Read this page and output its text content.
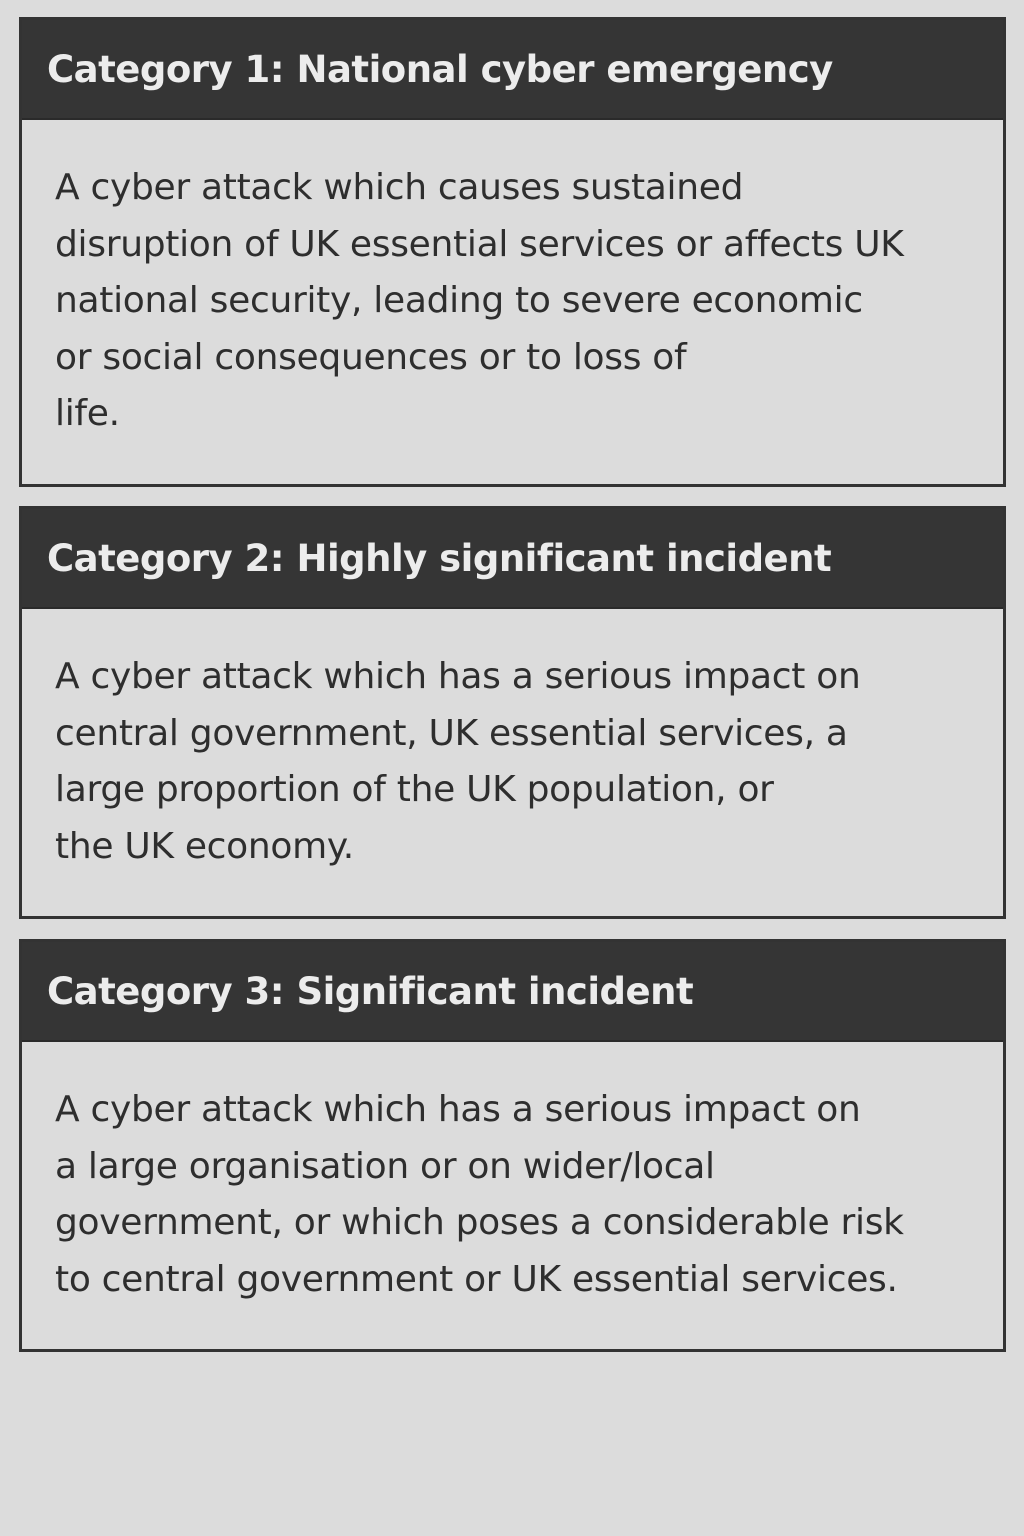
Category 1: National cyber emergency
A cyber attack which causes sustained
disruption of UK essential services or affects UK
national security, leading to severe economic
or social consequences or to loss of
life.
Category 2: Highly significant incident
A cyber attack which has a serious impact on
central government, UK essential services, a
large proportion of the UK population, or
the UK economy.
Category 3: Significant incident
A cyber attack which has a serious impact on
a large organisation or on wider/local
government, or which poses a considerable risk
to central government or UK essential services.
